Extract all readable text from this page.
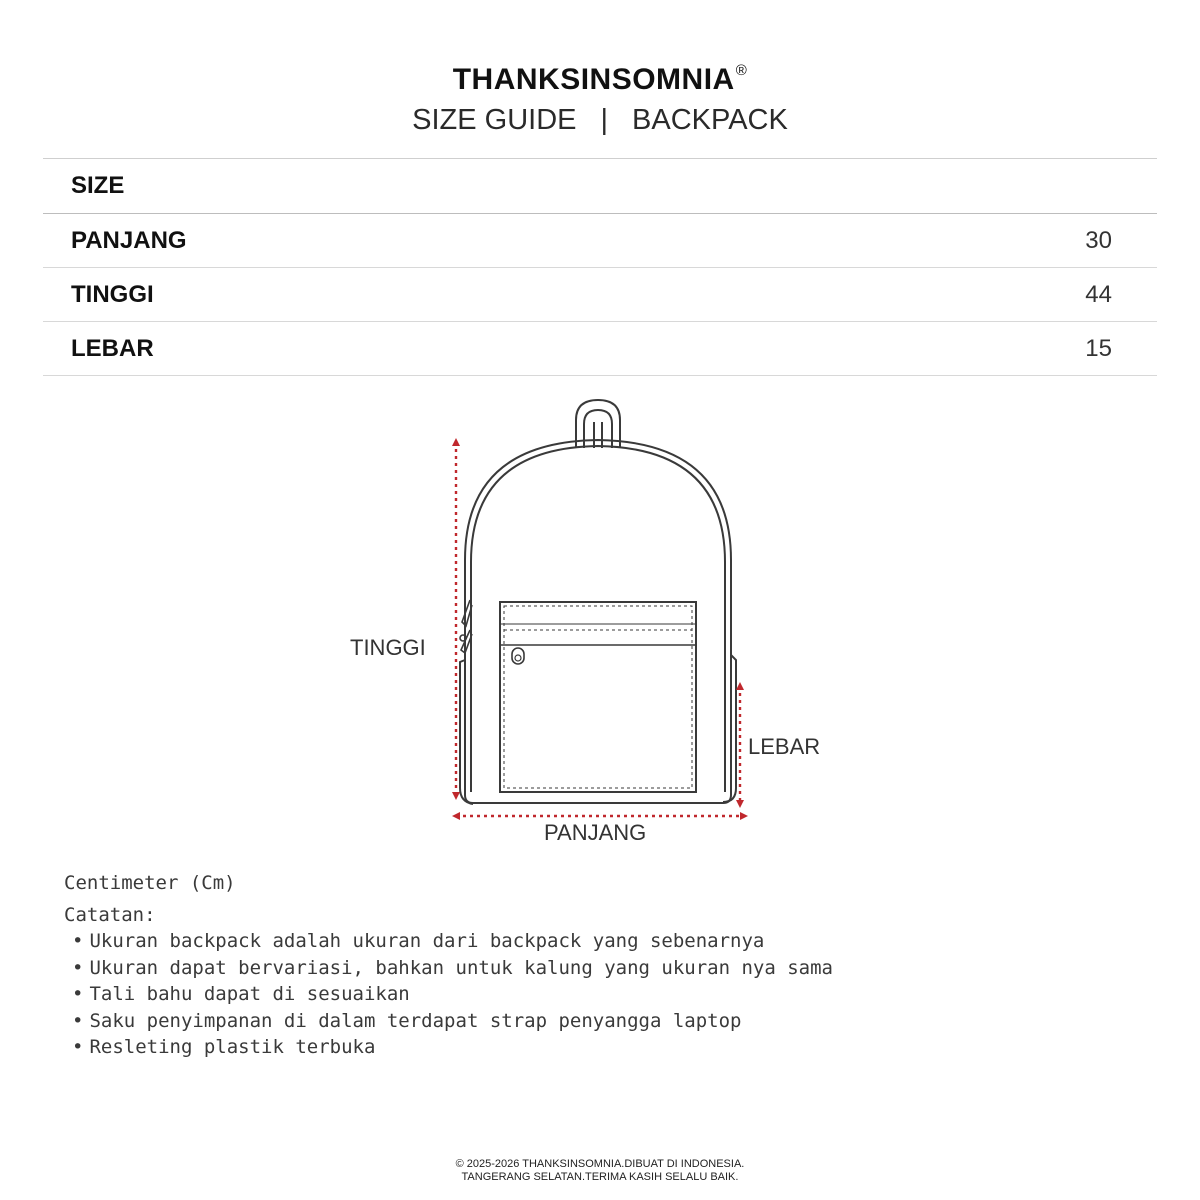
THANKSINSOMNIA®
SIZE GUIDE | BACKPACK
SIZE
PANJANG	30
TINGGI	44
LEBAR	15
TINGGI
LEBAR
PANJANG
Centimeter (Cm)
Catatan:
• Ukuran backpack adalah ukuran dari backpack yang sebenarnya
• Ukuran dapat bervariasi, bahkan untuk kalung yang ukuran nya sama
• Tali bahu dapat di sesuaikan
• Saku penyimpanan di dalam terdapat strap penyangga laptop
• Resleting plastik terbuka
© 2025-2026 THANKSINSOMNIA.DIBUAT DI INDONESIA.
TANGERANG SELATAN.TERIMA KASIH SELALU BAIK.
